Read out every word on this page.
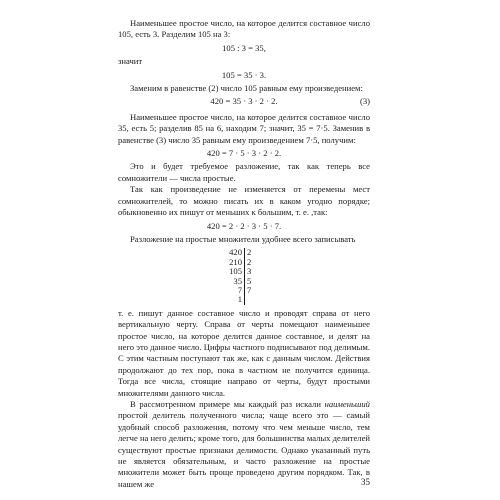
Наименьшее простое число, на которое делится составное число 105, есть 3. Разделим 105 на 3:

105 : 3 = 35,

значит

105 = 35 · 3.

Заменим в равенстве (2) число 105 равным ему произведением:

420 = 35 · 3 · 2 · 2.	(3)

Наименьшее простое число, на которое делится составное число 35, есть 5; разделив 85 на 6, находим 7; значит, 35 = 7·5. Заменив в равенстве (3) число 35 равным ему произведением 7·5, получим:

420 = 7 · 5 · 3 · 2 · 2.

Это и будет требуемое разложение, так как теперь все сомножители — числа простые.

Так как произведение не изменяется от перемены мест сомножителей, то можно писать их в каком угодно порядке; обыкновенно их пишут от меньших к большим, т. е. ,так:

420 = 2 · 2 · 3 · 5 · 7.

Разложение на простые множители удобнее всего записывать

420 2
210 2
105 3
35 5
7 7
1

т. е. пишут данное составное число и проводят справа от него вертикальную черту. Справа от черты помещают наименьшее простое число, на которое делится данное составное, и делят на него это данное число. Цифры частного подписывают под делимым. С этим частным поступают так же, как с данным числом. Действия продолжают до тех пор, пока в частном не получится единица. Тогда все числа, стоящие направо от черты, будут простыми множителями данного числа.

В рассмотренном примере мы каждый раз искали наименьший простой делитель полученного числа; чаще всего это — самый удобный способ разложения, потому что чем меньше число, тем легче на него делить; кроме того, для большинства малых делителей существуют простые признаки делимости. Однако указанный путь не является обязательным, и часто разложение на простые множители может быть проще проведено другим порядком. Так, в нашем же	35
